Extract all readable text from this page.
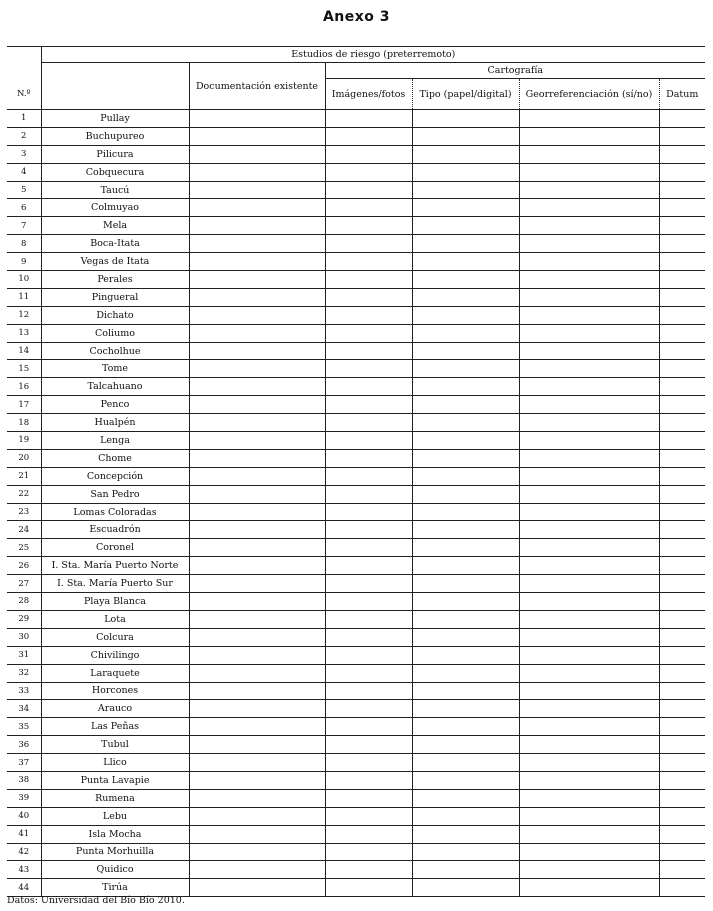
Anexo 3
	Estudios de riesgo (preterremoto)					
		Documentación existente	Cartografía			
N.º			Imágenes/fotos	Tipo (papel/digital)	Georreferenciación (sí/no)	Datum
1	Pullay					
2	Buchupureo					
3	Pilicura					
4	Cobquecura					
5	Taucú					
6	Colmuyao					
7	Mela					
8	Boca-Itata					
9	Vegas de Itata					
10	Perales					
11	Pingueral					
12	Dichato					
13	Coliumo					
14	Cocholhue					
15	Tome					
16	Talcahuano					
17	Penco					
18	Hualpén					
19	Lenga					
20	Chome					
21	Concepción					
22	San Pedro					
23	Lomas Coloradas					
24	Escuadrón					
25	Coronel					
26	I. Sta. María Puerto Norte					
27	I. Sta. María Puerto Sur					
28	Playa Blanca					
29	Lota					
30	Colcura					
31	Chivilingo					
32	Laraquete					
33	Horcones					
34	Arauco					
35	Las Peñas					
36	Tubul					
37	Llico					
38	Punta Lavapie					
39	Rumena					
40	Lebu					
41	Isla Mocha					
42	Punta Morhuilla					
43	Quidico					
44	Tirúa					
Datos: Universidad del Bío Bío 2010.
